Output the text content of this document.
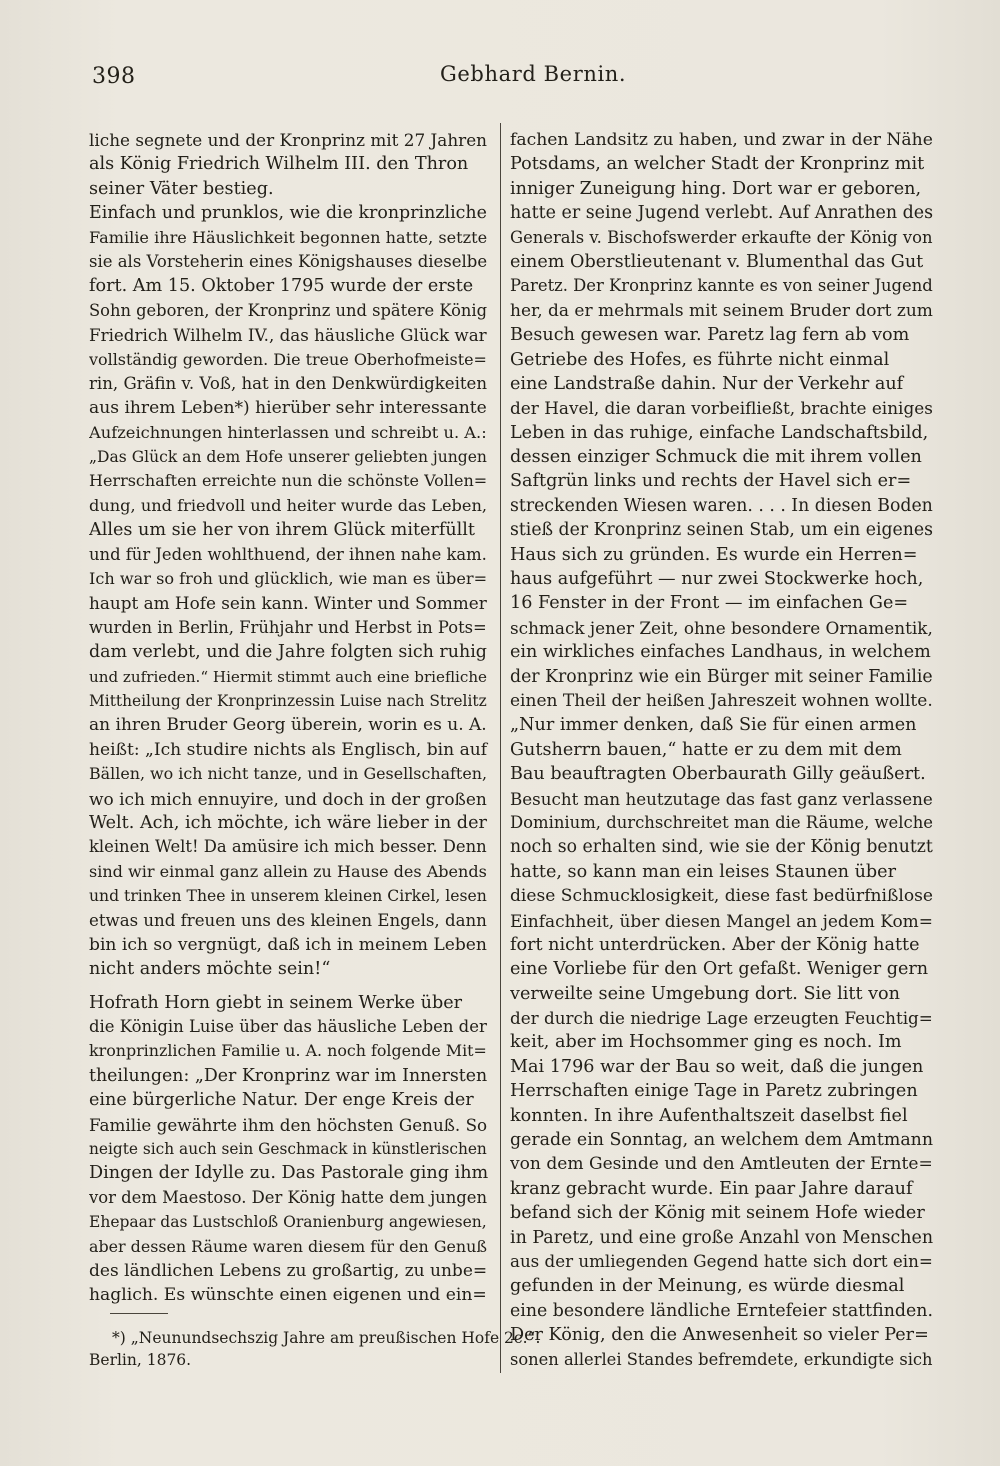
398	Gebhard Bernin.
liche segnete und der Kronprinz mit 27 Jahren
als König Friedrich Wilhelm III. den Thron
seiner Väter bestieg.
Einfach und prunklos, wie die kronprinzliche
Familie ihre Häuslichkeit begonnen hatte, setzte
sie als Vorsteherin eines Königshauses dieselbe
fort. Am 15. Oktober 1795 wurde der erste
Sohn geboren, der Kronprinz und spätere König
Friedrich Wilhelm IV., das häusliche Glück war
vollständig geworden. Die treue Oberhofmeiste=
rin, Gräfin v. Voß, hat in den Denkwürdigkeiten
aus ihrem Leben*) hierüber sehr interessante
Aufzeichnungen hinterlassen und schreibt u. A.:
„Das Glück an dem Hofe unserer geliebten jungen
Herrschaften erreichte nun die schönste Vollen=
dung, und friedvoll und heiter wurde das Leben,
Alles um sie her von ihrem Glück miterfüllt
und für Jeden wohlthuend, der ihnen nahe kam.
Ich war so froh und glücklich, wie man es über=
haupt am Hofe sein kann. Winter und Sommer
wurden in Berlin, Frühjahr und Herbst in Pots=
dam verlebt, und die Jahre folgten sich ruhig
und zufrieden.“ Hiermit stimmt auch eine briefliche
Mittheilung der Kronprinzessin Luise nach Strelitz
an ihren Bruder Georg überein, worin es u. A.
heißt: „Ich studire nichts als Englisch, bin auf
Bällen, wo ich nicht tanze, und in Gesellschaften,
wo ich mich ennuyire, und doch in der großen
Welt. Ach, ich möchte, ich wäre lieber in der
kleinen Welt! Da amüsire ich mich besser. Denn
sind wir einmal ganz allein zu Hause des Abends
und trinken Thee in unserem kleinen Cirkel, lesen
etwas und freuen uns des kleinen Engels, dann
bin ich so vergnügt, daß ich in meinem Leben
nicht anders möchte sein!“
Hofrath Horn giebt in seinem Werke über
die Königin Luise über das häusliche Leben der
kronprinzlichen Familie u. A. noch folgende Mit=
theilungen: „Der Kronprinz war im Innersten
eine bürgerliche Natur. Der enge Kreis der
Familie gewährte ihm den höchsten Genuß. So
neigte sich auch sein Geschmack in künstlerischen
Dingen der Idylle zu. Das Pastorale ging ihm
vor dem Maestoso. Der König hatte dem jungen
Ehepaar das Lustschloß Oranienburg angewiesen,
aber dessen Räume waren diesem für den Genuß
des ländlichen Lebens zu großartig, zu unbe=
haglich. Es wünschte einen eigenen und ein=
fachen Landsitz zu haben, und zwar in der Nähe
Potsdams, an welcher Stadt der Kronprinz mit
inniger Zuneigung hing. Dort war er geboren,
hatte er seine Jugend verlebt. Auf Anrathen des
Generals v. Bischofswerder erkaufte der König von
einem Oberstlieutenant v. Blumenthal das Gut
Paretz. Der Kronprinz kannte es von seiner Jugend
her, da er mehrmals mit seinem Bruder dort zum
Besuch gewesen war. Paretz lag fern ab vom
Getriebe des Hofes, es führte nicht einmal
eine Landstraße dahin. Nur der Verkehr auf
der Havel, die daran vorbeifließt, brachte einiges
Leben in das ruhige, einfache Landschaftsbild,
dessen einziger Schmuck die mit ihrem vollen
Saftgrün links und rechts der Havel sich er=
streckenden Wiesen waren. . . . In diesen Boden
stieß der Kronprinz seinen Stab, um ein eigenes
Haus sich zu gründen. Es wurde ein Herren=
haus aufgeführt — nur zwei Stockwerke hoch,
16 Fenster in der Front — im einfachen Ge=
schmack jener Zeit, ohne besondere Ornamentik,
ein wirkliches einfaches Landhaus, in welchem
der Kronprinz wie ein Bürger mit seiner Familie
einen Theil der heißen Jahreszeit wohnen wollte.
„Nur immer denken, daß Sie für einen armen
Gutsherrn bauen,“ hatte er zu dem mit dem
Bau beauftragten Oberbaurath Gilly geäußert.
Besucht man heutzutage das fast ganz verlassene
Dominium, durchschreitet man die Räume, welche
noch so erhalten sind, wie sie der König benutzt
hatte, so kann man ein leises Staunen über
diese Schmucklosigkeit, diese fast bedürfnißlose
Einfachheit, über diesen Mangel an jedem Kom=
fort nicht unterdrücken. Aber der König hatte
eine Vorliebe für den Ort gefaßt. Weniger gern
verweilte seine Umgebung dort. Sie litt von
der durch die niedrige Lage erzeugten Feuchtig=
keit, aber im Hochsommer ging es noch. Im
Mai 1796 war der Bau so weit, daß die jungen
Herrschaften einige Tage in Paretz zubringen
konnten. In ihre Aufenthaltszeit daselbst fiel
gerade ein Sonntag, an welchem dem Amtmann
von dem Gesinde und den Amtleuten der Ernte=
kranz gebracht wurde. Ein paar Jahre darauf
befand sich der König mit seinem Hofe wieder
in Paretz, und eine große Anzahl von Menschen
aus der umliegenden Gegend hatte sich dort ein=
gefunden in der Meinung, es würde diesmal
eine besondere ländliche Erntefeier stattfinden.
Der König, den die Anwesenheit so vieler Per=
sonen allerlei Standes befremdete, erkundigte sich
*) „Neunundsechszig Jahre am preußischen Hofe 2c.“.
Berlin, 1876.
